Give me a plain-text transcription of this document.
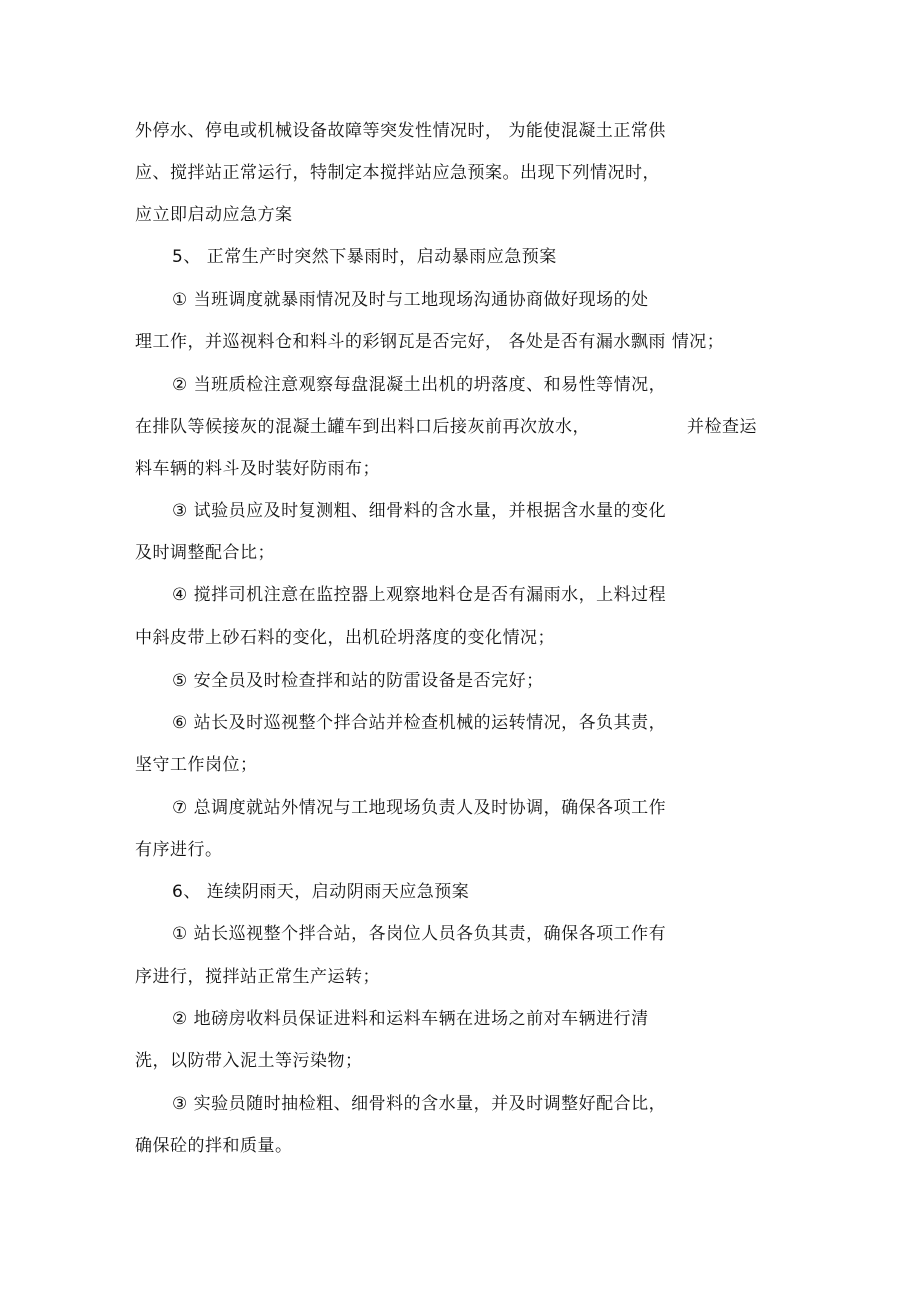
外停水、停电或机械设备故障等突发性情况时， 为能使混凝土正常供
应、搅拌站正常运行，特制定本搅拌站应急预案。出现下列情况时，
应立即启动应急方案
5、 正常生产时突然下暴雨时，启动暴雨应急预案
① 当班调度就暴雨情况及时与工地现场沟通协商做好现场的处
理工作，并巡视料仓和料斗的彩钢瓦是否完好， 各处是否有漏水飘雨 情况；
② 当班质检注意观察每盘混凝土出机的坍落度、和易性等情况，
在排队等候接灰的混凝土罐车到出料口后接灰前再次放水，	并检查运
料车辆的料斗及时装好防雨布；
③ 试验员应及时复测粗、细骨料的含水量，并根据含水量的变化
及时调整配合比；
④ 搅拌司机注意在监控器上观察地料仓是否有漏雨水，上料过程
中斜皮带上砂石料的变化，出机砼坍落度的变化情况；
⑤ 安全员及时检查拌和站的防雷设备是否完好；
⑥ 站长及时巡视整个拌合站并检查机械的运转情况，各负其责，
坚守工作岗位；
⑦ 总调度就站外情况与工地现场负责人及时协调，确保各项工作
有序进行。
6、 连续阴雨天，启动阴雨天应急预案
① 站长巡视整个拌合站，各岗位人员各负其责，确保各项工作有
序进行，搅拌站正常生产运转；
② 地磅房收料员保证进料和运料车辆在进场之前对车辆进行清
洗，以防带入泥土等污染物；
③ 实验员随时抽检粗、细骨料的含水量，并及时调整好配合比，
确保砼的拌和质量。
